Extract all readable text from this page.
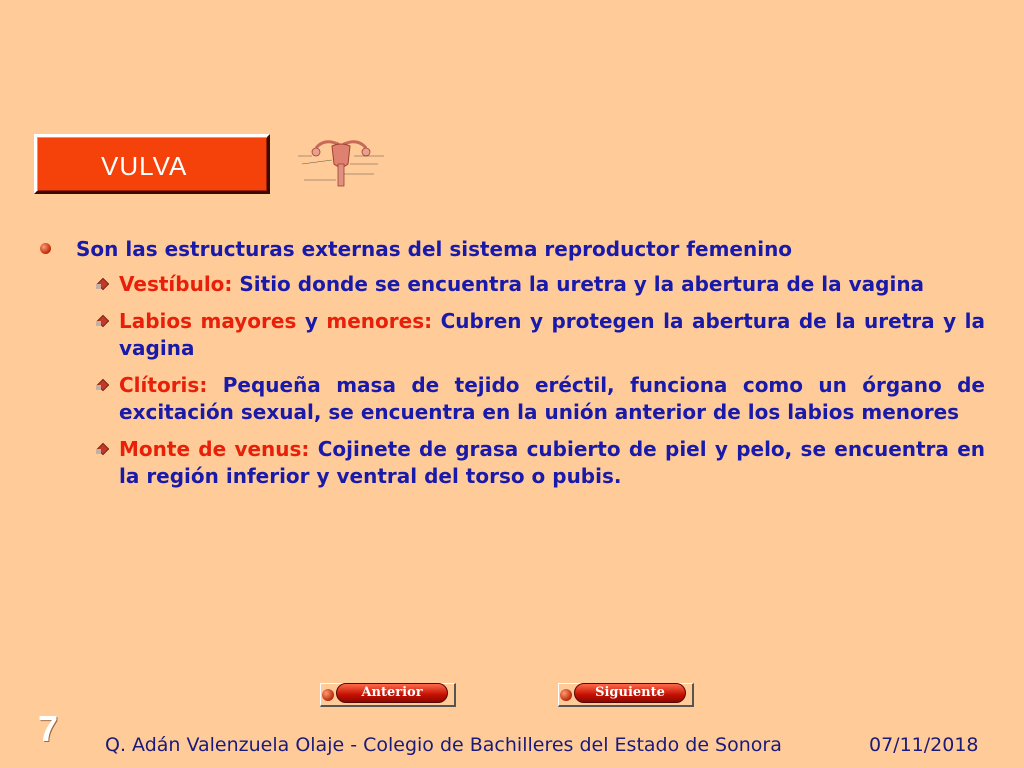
VULVA
Son las estructuras externas del sistema reproductor femenino
Vestíbulo: Sitio donde se encuentra la uretra y la abertura de la vagina
Labios mayores y menores: Cubren y protegen la abertura de la uretra y la vagina
Clítoris: Pequeña masa de tejido eréctil, funciona como un órgano de excitación sexual, se encuentra en la unión anterior de los labios menores
Monte de venus: Cojinete de grasa cubierto de piel y pelo, se encuentra en la región inferior y ventral del torso o pubis.
Anterior	Siguiente
7 Q. Adán Valenzuela Olaje - Colegio de Bachilleres del Estado de Sonora	07/11/2018
